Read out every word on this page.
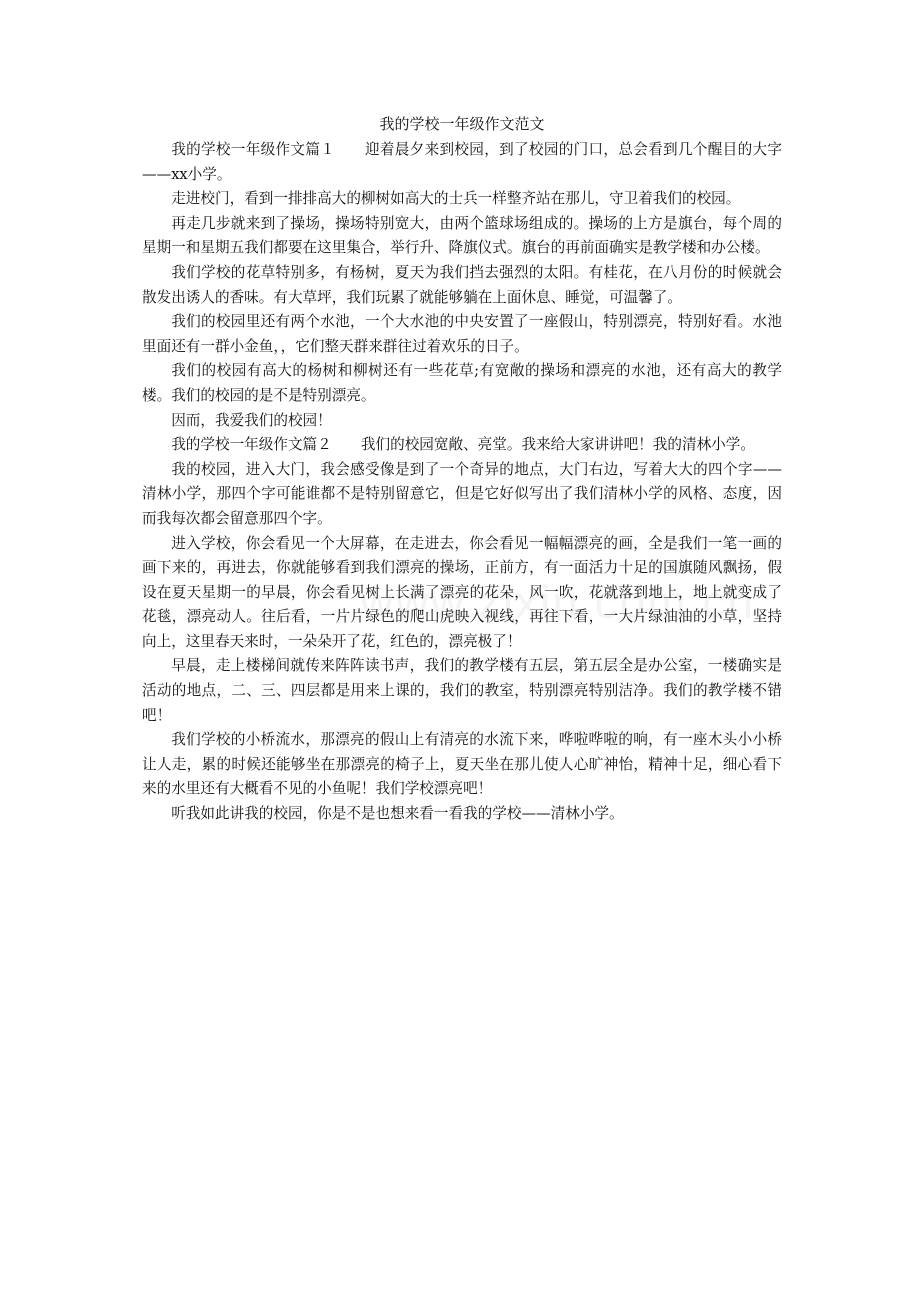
我的学校一年级作文范文

我的学校一年级作文篇１　　迎着晨夕来到校园，到了校园的门口，总会看到几个醒目的大字——xx小学。

走进校门，看到一排排高大的柳树如高大的士兵一样整齐站在那儿，守卫着我们的校园。

再走几步就来到了操场，操场特别宽大，由两个篮球场组成的。操场的上方是旗台，每个周的星期一和星期五我们都要在这里集合，举行升、降旗仪式。旗台的再前面确实是教学楼和办公楼。

我们学校的花草特别多，有杨树，夏天为我们挡去强烈的太阳。有桂花，在八月份的时候就会散发出诱人的香味。有大草坪，我们玩累了就能够躺在上面休息、睡觉，可温馨了。

我们的校园里还有两个水池，一个大水池的中央安置了一座假山，特别漂亮，特别好看。水池里面还有一群小金鱼，，它们整天群来群往过着欢乐的日子。

我们的校园有高大的杨树和柳树还有一些花草;有宽敞的操场和漂亮的水池，还有高大的教学楼。我们的校园的是不是特别漂亮。

因而，我爱我们的校园！

我的学校一年级作文篇２　　我们的校园宽敞、亮堂。我来给大家讲讲吧！我的清林小学。

我的校园，进入大门，我会感受像是到了一个奇异的地点，大门右边，写着大大的四个字——清林小学，那四个字可能谁都不是特别留意它，但是它好似写出了我们清林小学的风格、态度，因而我每次都会留意那四个字。

进入学校，你会看见一个大屏幕，在走进去，你会看见一幅幅漂亮的画，全是我们一笔一画的画下来的，再进去，你就能够看到我们漂亮的操场，正前方，有一面活力十足的国旗随风飘扬，假设在夏天星期一的早晨，你会看见树上长满了漂亮的花朵，风一吹，花就落到地上，地上就变成了花毯，漂亮动人。往后看，一片片绿色的爬山虎映入视线，再往下看，一大片绿油油的小草，坚持向上，这里春天来时，一朵朵开了花，红色的，漂亮极了！

早晨，走上楼梯间就传来阵阵读书声，我们的教学楼有五层，第五层全是办公室，一楼确实是活动的地点，二、三、四层都是用来上课的，我们的教室，特别漂亮特别洁净。我们的教学楼不错吧！

我们学校的小桥流水，那漂亮的假山上有清亮的水流下来，哗啦哗啦的响，有一座木头小小桥让人走，累的时候还能够坐在那漂亮的椅子上，夏天坐在那儿使人心旷神怡，精神十足，细心看下来的水里还有大概看不见的小鱼呢！我们学校漂亮吧！

听我如此讲我的校园，你是不是也想来看一看我的学校——清林小学。
